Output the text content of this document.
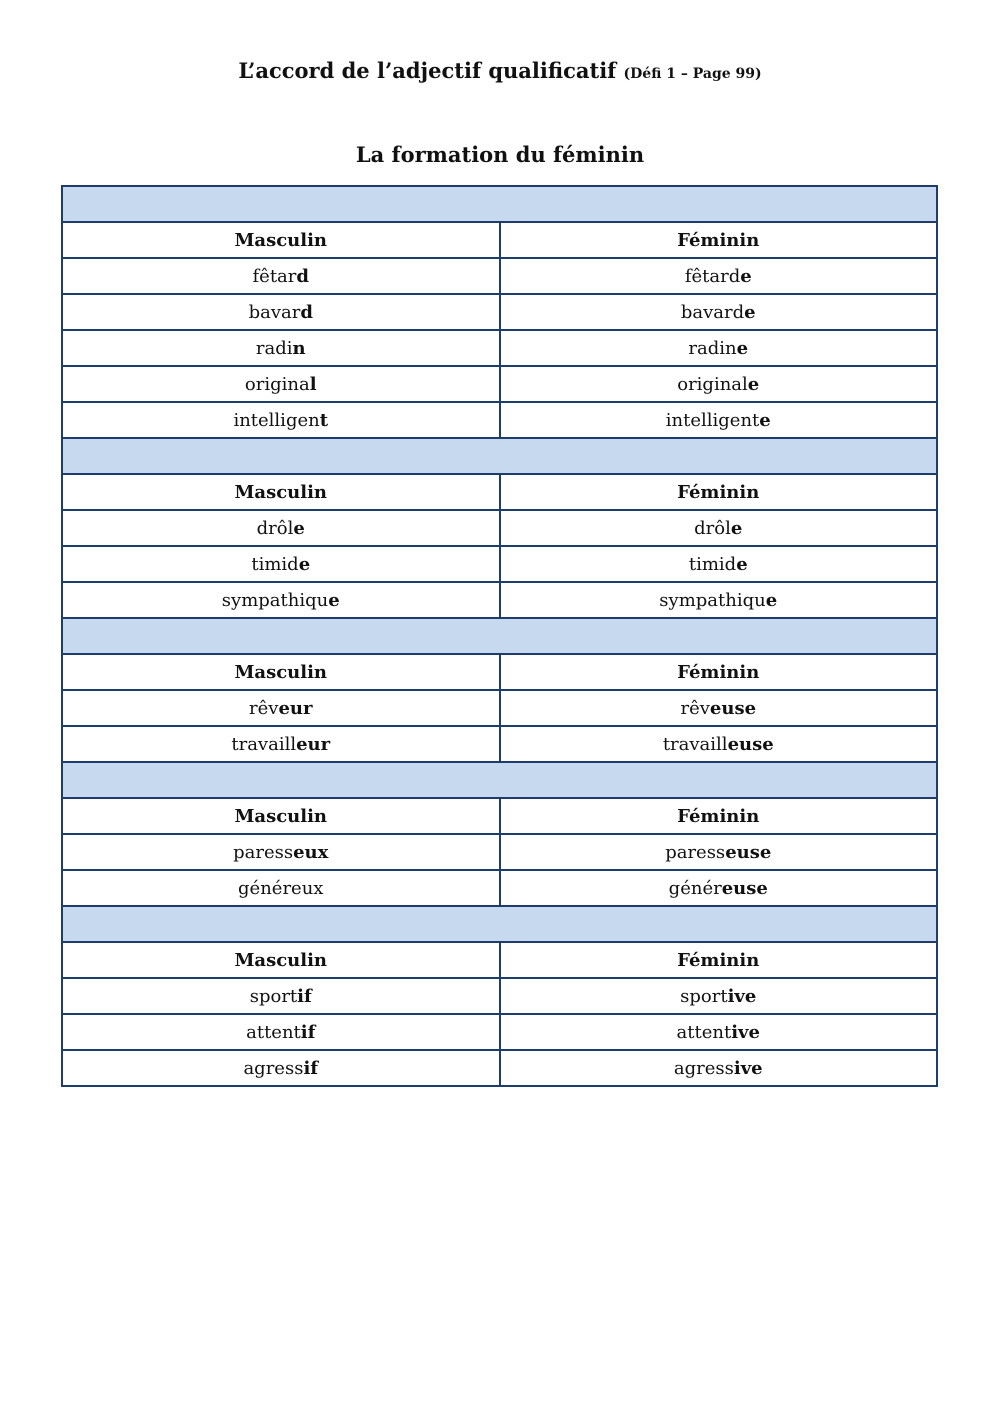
L’accord de l’adjectif qualificatif (Défi 1 – Page 99)
La formation du féminin

Masculin	Féminin
fêtard	fêtarde
bavard	bavarde
radin	radine
original	originale
intelligent	intelligente

Masculin	Féminin
drôle	drôle
timide	timide
sympathique	sympathique

Masculin	Féminin
rêveur	rêveuse
travailleur	travailleuse

Masculin	Féminin
paresseux	paresseuse
généreux	généreuse

Masculin	Féminin
sportif	sportive
attentif	attentive
agressif	agressive
